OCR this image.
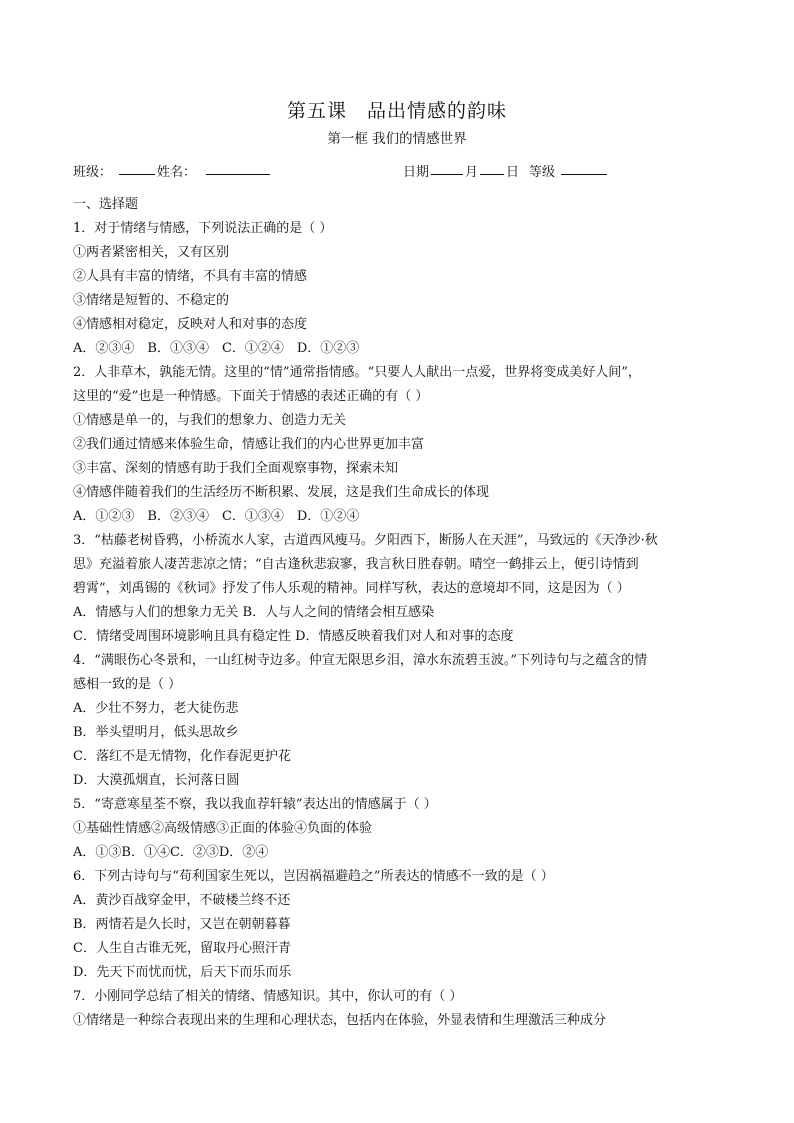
第五课　品出情感的韵味
第一框 我们的情感世界
班级：	姓名：	日期	月 日 等级
一、选择题
1．对于情绪与情感，下列说法正确的是（ ）
①两者紧密相关，又有区别
②人具有丰富的情绪，不具有丰富的情感
③情绪是短暂的、不稳定的
④情感相对稳定，反映对人和对事的态度
A．②③④　B．①③④　C．①②④　D．①②③
2．人非草木，孰能无情。这里的“情”通常指情感。“只要人人献出一点爱，世界将变成美好人间”，
这里的“爱”也是一种情感。下面关于情感的表述正确的有（ ）
①情感是单一的，与我们的想象力、创造力无关
②我们通过情感来体验生命，情感让我们的内心世界更加丰富
③丰富、深刻的情感有助于我们全面观察事物，探索未知
④情感伴随着我们的生活经历不断积累、发展，这是我们生命成长的体现
A．①②③　B．②③④　C．①③④　D．①②④
3．“枯藤老树昏鸦，小桥流水人家，古道西风瘦马。夕阳西下，断肠人在天涯”，马致远的《天净沙·秋
思》充溢着旅人凄苦悲凉之情；“自古逢秋悲寂寥，我言秋日胜春朝。晴空一鹤排云上，便引诗情到
碧霄”，刘禹锡的《秋词》抒发了伟人乐观的精神。同样写秋，表达的意境却不同，这是因为（ ）
A．情感与人们的想象力无关 B．人与人之间的情绪会相互感染
C．情绪受周围环境影响且具有稳定性 D．情感反映着我们对人和对事的态度
4．“满眼伤心冬景和，一山红树寺边多。仲宣无限思乡泪，漳水东流碧玉波。”下列诗句与之蕴含的情
感相一致的是（ ）
A．少壮不努力，老大徒伤悲
B．举头望明月，低头思故乡
C．落红不是无情物，化作春泥更护花
D．大漠孤烟直，长河落日圆
5．“寄意寒星荃不察，我以我血荐轩辕”表达出的情感属于（ ）
①基础性情感②高级情感③正面的体验④负面的体验
A．①③B．①④C．②③D．②④
6．下列古诗句与“苟利国家生死以，岂因祸福避趋之”所表达的情感不一致的是（ ）
A．黄沙百战穿金甲，不破楼兰终不还
B．两情若是久长时，又岂在朝朝暮暮
C．人生自古谁无死，留取丹心照汗青
D．先天下而忧而忧，后天下而乐而乐
7．小刚同学总结了相关的情绪、情感知识。其中，你认可的有（ ）
①情绪是一种综合表现出来的生理和心理状态，包括内在体验，外显表情和生理激活三种成分
